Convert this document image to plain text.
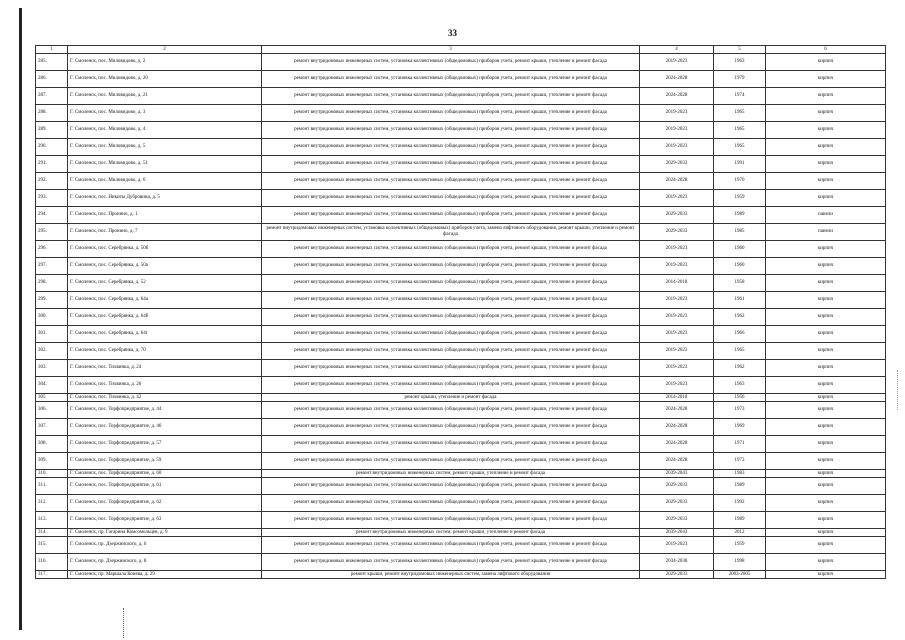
33
1	2	3	4	5	6
285.	Г. Смоленск, пос. Миловидово, д. 2	ремонт внутридомовых инженерных систем, установка коллективных (общедомовых) приборов учета, ремонт крыши, утепление и ремонт фасада	2019-2023	1963	кирпич
286.	Г. Смоленск, пос. Миловидово, д. 20	ремонт внутридомовых инженерных систем, установка коллективных (общедомовых) приборов учета, ремонт крыши, утепление и ремонт фасада	2024-2028	1979	кирпич
287.	Г. Смоленск, пос. Миловидово, д. 21	ремонт внутридомовых инженерных систем, установка коллективных (общедомовых) приборов учета, ремонт крыши, утепление и ремонт фасада	2024-2028	1974	кирпич
288.	Г. Смоленск, пос. Миловидово, д. 3	ремонт внутридомовых инженерных систем, установка коллективных (общедомовых) приборов учета, ремонт крыши, утепление и ремонт фасада	2019-2023	1965	кирпич
289.	Г. Смоленск, пос. Миловидово, д. 4	ремонт внутридомовых инженерных систем, установка коллективных (общедомовых) приборов учета, ремонт крыши, утепление и ремонт фасада	2019-2023	1965	кирпич
290.	Г. Смоленск, пос. Миловидово, д. 5	ремонт внутридомовых инженерных систем, установка коллективных (общедомовых) приборов учета, ремонт крыши, утепление и ремонт фасада	2019-2023	1965	кирпич
291.	Г. Смоленск, пос. Миловидово, д. 51	ремонт внутридомовых инженерных систем, установка коллективных (общедомовых) приборов учета, ремонт крыши, утепление и ремонт фасада	2029-2033	1991	кирпич
292.	Г. Смоленск, пос. Миловидово, д. 6	ремонт внутридомовых инженерных систем, установка коллективных (общедомовых) приборов учета, ремонт крыши, утепление и ремонт фасада	2024-2028	1970	кирпич
293.	Г. Смоленск, пос. Никиты Дубровина, д. 5	ремонт внутридомовых инженерных систем, установка коллективных (общедомовых) приборов учета, ремонт крыши, утепление и ремонт фасада	2019-2023	1959	кирпич
294.	Г. Смоленск, пос. Пронино, д. 1	ремонт внутридомовых инженерных систем, установка коллективных (общедомовых) приборов учета, ремонт крыши, утепление и ремонт фасада	2029-2033	1989	панели
295.	Г. Смоленск, пос. Пронино, д. 7	ремонт внутридомовых инженерных систем, установка коллективных (общедомовых) приборов учета, замена лифтового оборудования, ремонт крыши, утепление и ремонт фасада	2029-2033	1985	панели
296.	Г. Смоленск, пос. Серебрянка, д. 50б	ремонт внутридомовых инженерных систем, установка коллективных (общедомовых) приборов учета, ремонт крыши, утепление и ремонт фасада	2019-2023	1960	кирпич
297.	Г. Смоленск, пос. Серебрянка, д. 50а	ремонт внутридомовых инженерных систем, установка коллективных (общедомовых) приборов учета, ремонт крыши, утепление и ремонт фасада	2019-2023	1960	кирпич
298.	Г. Смоленск, пос. Серебрянка, д. 52	ремонт внутридомовых инженерных систем, установка коллективных (общедомовых) приборов учета, ремонт крыши, утепление и ремонт фасада	2014-2018	1958	кирпич
299.	Г. Смоленск, пос. Серебрянка, д. 64а	ремонт внутридомовых инженерных систем, установка коллективных (общедомовых) приборов учета, ремонт крыши, утепление и ремонт фасада	2019-2023	1961	кирпич
300.	Г. Смоленск, пос. Серебрянка, д. 64б	ремонт внутридомовых инженерных систем, установка коллективных (общедомовых) приборов учета, ремонт крыши, утепление и ремонт фасада	2019-2023	1962	кирпич
301.	Г. Смоленск, пос. Серебрянка, д. 64г	ремонт внутридомовых инженерных систем, установка коллективных (общедомовых) приборов учета, ремонт крыши, утепление и ремонт фасада	2019-2023	1966	кирпич
302.	Г. Смоленск, пос. Серебрянка, д. 70	ремонт внутридомовых инженерных систем, установка коллективных (общедомовых) приборов учета, ремонт крыши, утепление и ремонт фасада	2019-2023	1965	кирпич
303.	Г. Смоленск, пос. Тихвинка, д. 24	ремонт внутридомовых инженерных систем, установка коллективных (общедомовых) приборов учета, ремонт крыши, утепление и ремонт фасада	2019-2023	1962	кирпич
304.	Г. Смоленск, пос. Тихвинка, д. 26	ремонт внутридомовых инженерных систем, установка коллективных (общедомовых) приборов учета, ремонт крыши, утепление и ремонт фасада	2019-2023	1963	кирпич
305	Г. Смоленск, пос. Тихвинка, д. 42	ремонт крыши, утепление и ремонт фасада	2014-2018	1956	кирпич
306.	Г. Смоленск, пос. Торфопредприятие, д. 44	ремонт внутридомовых инженерных систем, установка коллективных (общедомовых) приборов учета, ремонт крыши, утепление и ремонт фасада	2024-2028	1973	кирпич
307.	Г. Смоленск, пос. Торфопредприятие, д. 46	ремонт внутридомовых инженерных систем, установка коллективных (общедомовых) приборов учета, ремонт крыши, утепление и ремонт фасада	2024-2028	1969	кирпич
308.	Г. Смоленск, пос. Торфопредприятие, д. 57	ремонт внутридомовых инженерных систем, установка коллективных (общедомовых) приборов учета, ремонт крыши, утепление и ремонт фасада	2024-2028	1971	кирпич
309.	Г. Смоленск, пос. Торфопредприятие, д. 59	ремонт внутридомовых инженерных систем, установка коллективных (общедомовых) приборов учета, ремонт крыши, утепление и ремонт фасада	2024-2028	1973	кирпич
310.	Г. Смоленск, пос. Торфопредприятие, д. 60	ремонт внутридомовых инженерных систем, ремонт крыши, утепление и ремонт фасада	2039-2043	1983	кирпич
311.	Г. Смоленск, пос. Торфопредприятие, д. 61	ремонт внутридомовых инженерных систем, установка коллективных (общедомовых) приборов учета, ремонт крыши, утепление и ремонт фасада	2029-2033	1989	кирпич
312.	Г. Смоленск, пос. Торфопредприятие, д. 62	ремонт внутридомовых инженерных систем, установка коллективных (общедомовых) приборов учета, ремонт крыши, утепление и ремонт фасада	2029-2033	1992	кирпич
313.	Г. Смоленск, пос. Торфопредприятие, д. 63	ремонт внутридомовых инженерных систем, установка коллективных (общедомовых) приборов учета, ремонт крыши, утепление и ремонт фасада	2029-2033	1989	кирпич
314.	Г. Смоленск, пр. Гагарина Комсомольцев, д. 9	ремонт внутридомовых инженерных систем, ремонт крыши, утепление и ремонт фасада	2039-2043	2012	кирпич
315.	Г. Смоленск, пр. Дзержинского, д. 6	ремонт внутридомовых инженерных систем, установка коллективных (общедомовых) приборов учета, ремонт крыши, утепление и ремонт фасада	2019-2023	1959	кирпич
316.	Г. Смоленск, пр. Дзержинского, д. 8	ремонт внутридомовых инженерных систем, установка коллективных (общедомовых) приборов учета, ремонт крыши, утепление и ремонт фасада	2034-2038	1998	кирпич
317.	Г. Смоленск, пр. Маршала Конева, д. 29	ремонт крыши, ремонт внутридомовых инженерных систем, замена лифтового оборудования	2029-2033	2003-2005	кирпич
